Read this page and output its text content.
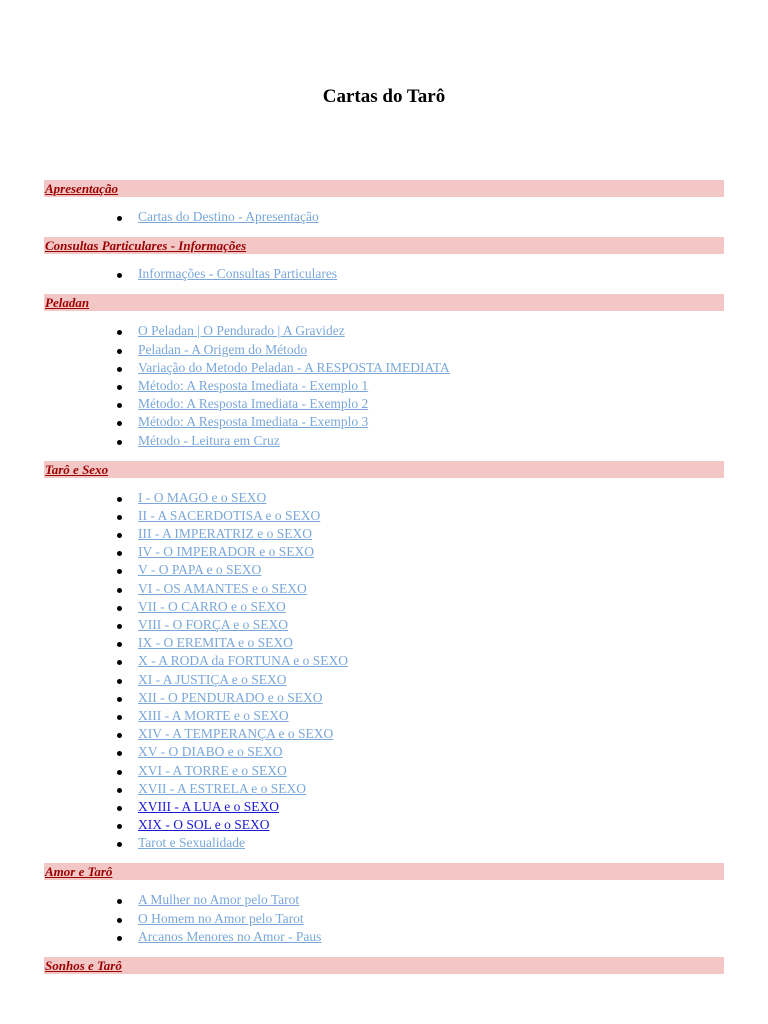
Cartas do Tarô
Apresentação
Cartas do Destino - Apresentação
Consultas Particulares - Informações
Informações - Consultas Particulares
Peladan
O Peladan | O Pendurado | A Gravidez
Peladan - A Origem do Método
Variação do Metodo Peladan - A RESPOSTA IMEDIATA
Método: A Resposta Imediata - Exemplo 1
Método: A Resposta Imediata - Exemplo 2
Método: A Resposta Imediata - Exemplo 3
Método - Leitura em Cruz
Tarô e Sexo
I - O MAGO e o SEXO
II - A SACERDOTISA e o SEXO
III - A IMPERATRIZ e o SEXO
IV - O IMPERADOR e o SEXO
V - O PAPA e o SEXO
VI - OS AMANTES e o SEXO
VII - O CARRO e o SEXO
VIII - O FORÇA e o SEXO
IX - O EREMITA e o SEXO
X - A RODA da FORTUNA e o SEXO
XI - A JUSTIÇA e o SEXO
XII - O PENDURADO e o SEXO
XIII - A MORTE e o SEXO
XIV - A TEMPERANÇA e o SEXO
XV - O DIABO e o SEXO
XVI - A TORRE e o SEXO
XVII - A ESTRELA e o SEXO
XVIII - A LUA e o SEXO
XIX - O SOL e o SEXO
Tarot e Sexualidade
Amor e Tarô
A Mulher no Amor pelo Tarot
O Homem no Amor pelo Tarot
Arcanos Menores no Amor - Paus
Sonhos e Tarô
